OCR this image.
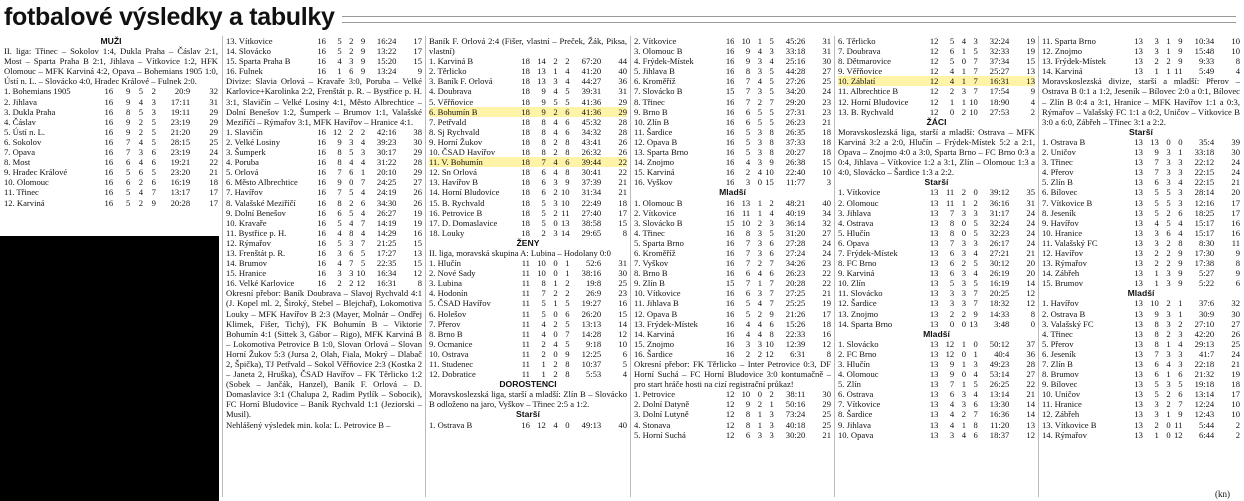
fotbalové výsledky a tabulky

MUŽI

II. liga: Třinec – Sokolov 1:4, Dukla Praha – Čáslav 2:1, Most – Sparta Praha B 2:1, Jihlava – Vítkovice 1:2, HFK Olomouc – MFK Karviná 4:2, Opava – Bohemians 1905 1:0, Ústí n. L. – Slovácko 4:0, Hradec Králové – Fulnek 2:0.

1. Bohemians 1905	16	9	5	2	20:9	32
2. Jihlava	16	9	4	3	17:11	31
3. Dukla Praha	16	8	5	3	19:11	29
4. Čáslav	16	9	2	5	23:19	29
5. Ústí n. L.	16	9	2	5	21:20	29
6. Sokolov	16	7	4	5	28:15	25
7. Opava	16	7	3	6	23:19	24
8. Most	16	6	4	6	19:21	22
9. Hradec Králové	16	5	6	5	23:20	21
10. Olomouc	16	6	2	6	16:19	18
11. Třinec	16	5	4	7	13:17	17
12. Karviná	16	5	2	9	20:28	17
13. Vítkovice	16	5	2	9	16:24	17
14. Slovácko	16	5	2	9	13:22	17
15. Sparta Praha B	16	4	3	9	15:20	15
16. Fulnek	16	1	6	9	13:24	9

Divize: Slavia Orlová – Kravaře 3:0, Poruba – Velké Karlovice+Karolinka 2:2, Frenštát p. R. – Bystřice p. H. 3:1, Slavičín – Velké Losiny 4:1, Město Albrechtice – Dolní Benešov 1:2, Šumperk – Brumov 1:1, Valašské Meziříčí – Rýmařov 3:1, MFK Havířov – Hranice 4:1.

1. Slavičín	16	12	2	2	42:16	38
2. Velké Losiny	16	9	3	4	39:23	30
3. Šumperk	16	8	5	3	30:17	29
4. Poruba	16	8	4	4	31:22	28
5. Orlová	16	7	6	1	20:10	29
6. Město Albrechtice	16	9	0	7	24:25	27
7. Havířov	16	7	5	4	24:19	26
8. Valašské Meziříčí	16	8	2	6	34:30	26
9. Dolní Benešov	16	6	5	4	26:27	19
10. Kravaře	16	5	4	7	14:19	19
11. Bystřice p. H.	16	4	8	4	14:29	16
12. Rýmařov	16	5	3	7	21:25	15
13. Frenštát p. R.	16	3	6	5	17:27	13
14. Brumov	16	4	7	5	22:35	15
15. Hranice	16	3	3	10	16:34	12
16. Velké Karlovice	16	2	2	12	16:31	8

Okresní přebor: Baník Doubrava – Slavoj Rychvald 4:1 (J. Kopel ml. 2, Široký, Stebel – Blejchař), Lokomotiva Louky – MFK Havířov B 2:3 (Mayer, Molnár – Ondřej Klimek, Fišer, Tichý), FK Bohumín B – Viktorie Bohumín 4:1 (Sittek 3, Gábor – Rigo), MFK Karviná B – Lokomotiva Petrovice B 1:0, Slovan Orlová – Slovan Horní Žukov 5:3 (Jursa 2, Olah, Fiala, Mokrý – Dlabač 2, Špička), TJ Petřvald – Sokol Věřňovice 2:3 (Kostka 2 – Janeta 2, Hruška), ČSAD Havířov – FK Těrlicko 1:2 (Sobek – Jančák, Hanzel), Baník F. Orlová – D. Domaslavice 3:1 (Chalupa 2, Radim Pytlík – Sobocik), FC Horní Bludovice – Baník Rychvald 1:1 (Jeziorski – Musil).

Nehlášený výsledek min. kola: L. Petrovice B –

Baník F. Orlová 2:4 (Fišer, vlastní – Preček, Žák, Piksa, vlastní)

1. Karviná B	18	14	2	2	67:20	44
2. Těrlicko	18	13	1	4	41:20	40
3. Baník F. Orlová	18	13	3	4	44:27	36
4. Doubrava	18	9	4	5	39:31	31
5. Věřňovice	18	9	5	5	41:36	29
6. Bohumín B	18	9	2	6	41:36	29
7. Petřvald	18	8	4	6	45:32	28
8. Sj Rychvald	18	8	4	6	34:32	28
9. Horní Žukov	18	8	2	8	43:41	26
10. ČSAD Havířov	18	8	2	8	26:32	26
11. V. Bohumín	18	7	4	6	39:44	22
12. Sn Orlová	18	6	4	8	30:41	22
13. Havířov B	18	6	3	9	37:39	21
14. Horní Bludovice	18	6	2	10	31:34	21
15. B. Rychvald	18	5	3	10	22:49	18
16. Petrovice B	18	5	2	11	27:40	17
17. D. Domaslavice	18	5	0	13	38:58	15
18. Louky	18	2	3	14	29:65	8

ŽENY

II. liga, moravská skupina A: Lubina – Hodolany 0:0

1. Hlučín	11	10	0	1	52:6	31
2. Nové Sady	11	10	0	1	38:16	30
3. Lubina	11	8	1	2	19:8	25
4. Hodonín	11	7	2	2	26:9	23
5. ČSAD Havířov	11	5	1	5	19:27	16
6. Holešov	11	5	0	6	26:20	15
7. Přerov	11	4	2	5	13:13	14
8. Brno B	11	4	0	7	14:28	12
9. Ocmanice	11	2	4	5	9:18	10
10. Ostrava	11	2	0	9	12:25	6
11. Studenec	11	1	2	8	10:37	5
12. Dobratice	11	1	2	8	5:53	4

DOROSTENCI

Moravskoslezská liga, starší a mladší: Zlín B – Slovácko B odloženo na jaro, Vyškov – Třinec 2:5 a 1:2.

Starší

1. Ostrava B	16	12	4	0	49:13	40
2. Vítkovice	16	10	1	5	45:26	31
3. Olomouc B	16	9	4	3	33:18	31
4. Frýdek-Místek	16	9	3	4	25:16	30
5. Jihlava B	16	8	3	5	44:28	27
6. Kroměříž	16	7	4	5	27:26	25
7. Slovácko B	15	7	3	5	34:20	24
8. Třinec	16	7	2	7	29:20	23
9. Brno B	16	6	5	5	27:31	23
10. Zlín B	16	6	5	5	26:23	21
11. Šardice	16	5	3	8	26:35	18
12. Opava B	16	5	3	8	37:33	18
13. Sparta Brno	16	5	3	8	20:27	18
14. Znojmo	16	4	3	9	26:38	15
15. Karviná	16	2	4	10	22:40	10
16. Vyškov	16	3	0	15	11:77	3

Mladší

1. Olomouc B	16	13	1	2	48:21	40
2. Vítkovice	16	11	1	4	40:19	34
3. Slovácko B	15	10	2	3	36:14	32
4. Třinec	16	8	3	5	31:20	27
5. Sparta Brno	16	7	3	6	27:28	24
6. Kroměříž	16	7	3	6	27:24	24
7. Vyškov	16	7	2	7	34:26	23
8. Brno B	16	6	4	6	26:23	22
9. Zlín B	15	7	1	7	20:28	22
10. Vítkovice	16	6	3	7	27:25	21
11. Jihlava B	16	5	4	7	25:25	19
12. Opava B	16	5	2	9	21:26	17
13. Frýdek-Místek	16	4	4	6	15:26	18
14. Karviná	16	4	4	8	22:33	16
15. Znojmo	16	3	3	10	12:39	12
16. Šardice	16	2	2	12	6:31	8

Okresní přebor: FK Těrlicko – Inter Petrovice 0:3, DF Horní Suchá – FC Horní Bludovice 3:0 kontumačně – pro start hráče hosti na cizí registrační průkaz!

1. Petrovice	12	10	0	2	38:11	30
2. Dolní Datyně	12	9	2	1	50:16	29
3. Dolní Lutyně	12	8	1	3	73:24	25
4. Stonava	12	8	1	3	40:18	25
5. Horní Suchá	12	6	3	3	30:20	21
6. Těrlicko	12	5	4	3	32:24	19
7. Doubrava	12	6	1	5	32:33	19
8. Dětmarovice	12	5	0	7	37:34	15
9. Věřňovice	12	4	1	7	25:27	13
10. Záblatí	12	4	1	7	16:31	13
11. Albrechtice B	12	2	3	7	17:54	9
12. Horní Bludovice	12	1	1	10	18:90	4
13. B. Rychvald	12	0	2	10	27:53	2

ŽÁCI

Moravskoslezská liga, starší a mladší: Ostrava – MFK Karviná 3:2 a 2:0, Hlučín – Frýdek-Místek 5:2 a 2:1, Opava – Znojmo 4:0 a 3:0, Sparta Brno – FC Brno 0:3 a 0:4, Jihlava – Vítkovice 1:2 a 3:1, Zlín – Olomouc 1:3 a 4:0, Slovácko – Šardice 1:3 a 2:2.

Starší

1. Vítkovice	13	11	2	0	39:12	35
2. Olomouc	13	11	1	2	36:16	31
3. Jihlava	13	7	3	3	31:17	24
4. Ostrava	13	8	0	5	32:24	24
5. Hlučín	13	8	0	5	32:23	24
6. Opava	13	7	3	3	26:17	24
7. Frýdek-Místek	13	6	3	4	27:21	21
8. FC Brno	13	6	2	5	30:12	20
9. Karviná	13	6	3	4	26:19	20
10. Zlín	13	5	3	5	16:19	14
11. Slovácko	13	3	3	7	20:25	12
12. Šardice	13	3	3	7	18:32	12
13. Znojmo	13	2	2	9	14:33	8
14. Sparta Brno	13	0	0	13	3:48	0

Mladší

1. Slovácko	13	12	1	0	50:12	37
2. FC Brno	13	12	0	1	40:4	36
3. Hlučín	13	9	1	3	49:23	28
4. Olomouc	13	9	0	4	53:14	27
5. Zlín	13	7	1	5	26:25	22
6. Ostrava	13	6	3	4	13:14	21
7. Vítkovice	13	4	3	6	13:30	14
8. Šardice	13	4	2	7	16:36	14
9. Jihlava	13	4	1	8	11:20	13
10. Opava	13	3	4	6	18:37	12
11. Sparta Brno	13	3	1	9	10:34	10
12. Znojmo	13	3	1	9	15:48	10
13. Frýdek-Místek	13	2	2	9	9:33	8
14. Karviná	13	1	1	11	5:49	4

Moravskoslezská divize, starší a mladší: Přerov – Ostrava B 0:1 a 1:2, Jeseník – Bílovec 2:0 a 0:1, Bílovec – Zlín B 0:4 a 3:1, Hranice – MFK Havířov 1:1 a 0:3, Rýmařov – Valašský FC 1:1 a 0:2, Uničov – Vítkovice B 3:0 a 6:0, Zábřeh – Třinec 3:1 a 2:2.

Starší

1. Ostrava B	13	13	0	0	35:4	39
2. Uničov	13	9	3	1	33:18	30
3. Třinec	13	7	3	3	22:12	24
4. Přerov	13	7	3	3	22:15	24
5. Zlín B	13	6	3	4	22:15	21
6. Bílovec	13	5	5	3	28:14	20
7. Vítkovice B	13	5	5	3	12:16	17
8. Jeseník	13	5	2	6	18:25	17
9. Havířov	13	4	5	4	15:17	16
10. Hranice	13	3	6	4	15:17	16
11. Valašský FC	13	3	2	8	8:30	11
12. Havířov	13	2	2	9	17:30	9
13. Rýmařov	13	2	2	9	17:38	8
14. Zábřeh	13	1	3	9	5:27	9
15. Brumov	13	1	3	9	5:22	6

Mladší

1. Havířov	13	10	2	1	37:6	32
2. Ostrava B	13	9	3	1	30:9	30
3. Valašský FC	13	8	3	2	27:10	27
4. Třinec	13	8	2	3	42:20	26
5. Přerov	13	8	1	4	29:13	25
6. Jeseník	13	7	3	3	41:7	24
7. Zlín B	13	6	4	3	22:18	21
8. Brumov	13	6	1	6	21:32	19
9. Bílovec	13	5	3	5	19:18	18
10. Uničov	13	5	2	6	13:14	17
11. Hranice	13	3	2	7	12:24	10
12. Zábřeh	13	3	1	9	12:43	10
13. Vítkovice B	13	2	0	11	5:44	2
14. Rýmařov	13	1	0	12	6:44	2
(kn)
